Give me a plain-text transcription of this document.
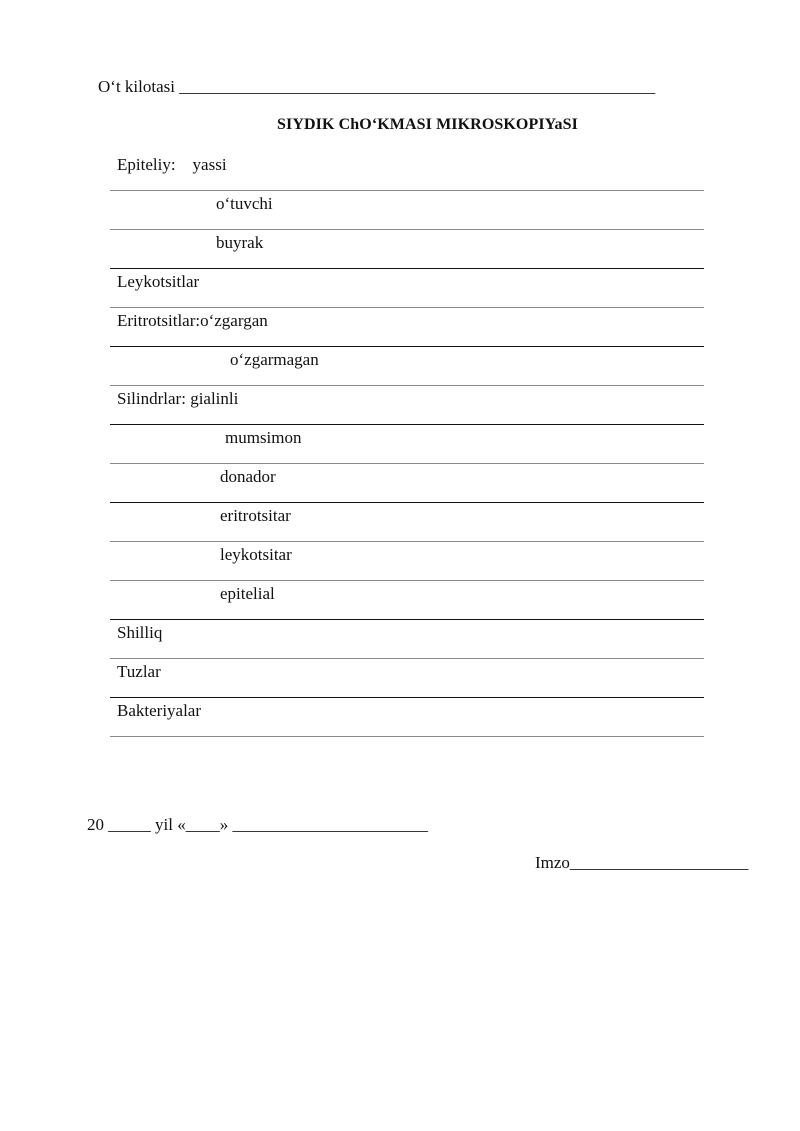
O‘t kilotasi ________________________________________________________
SIYDIK ChO‘KMASI MIKROSKOPIYaSI
Epiteliy:    yassi
o‘tuvchi
buyrak
Leykotsitlar
Eritrotsitlar:o‘zgargan
o‘zgarmagan
Silindrlar: gialinli
mumsimon
donador
eritrotsitar
leykotsitar
epitelial
Shilliq
Tuzlar
Bakteriyalar
20 _____ yil «____» _______________________
Imzo_____________________
